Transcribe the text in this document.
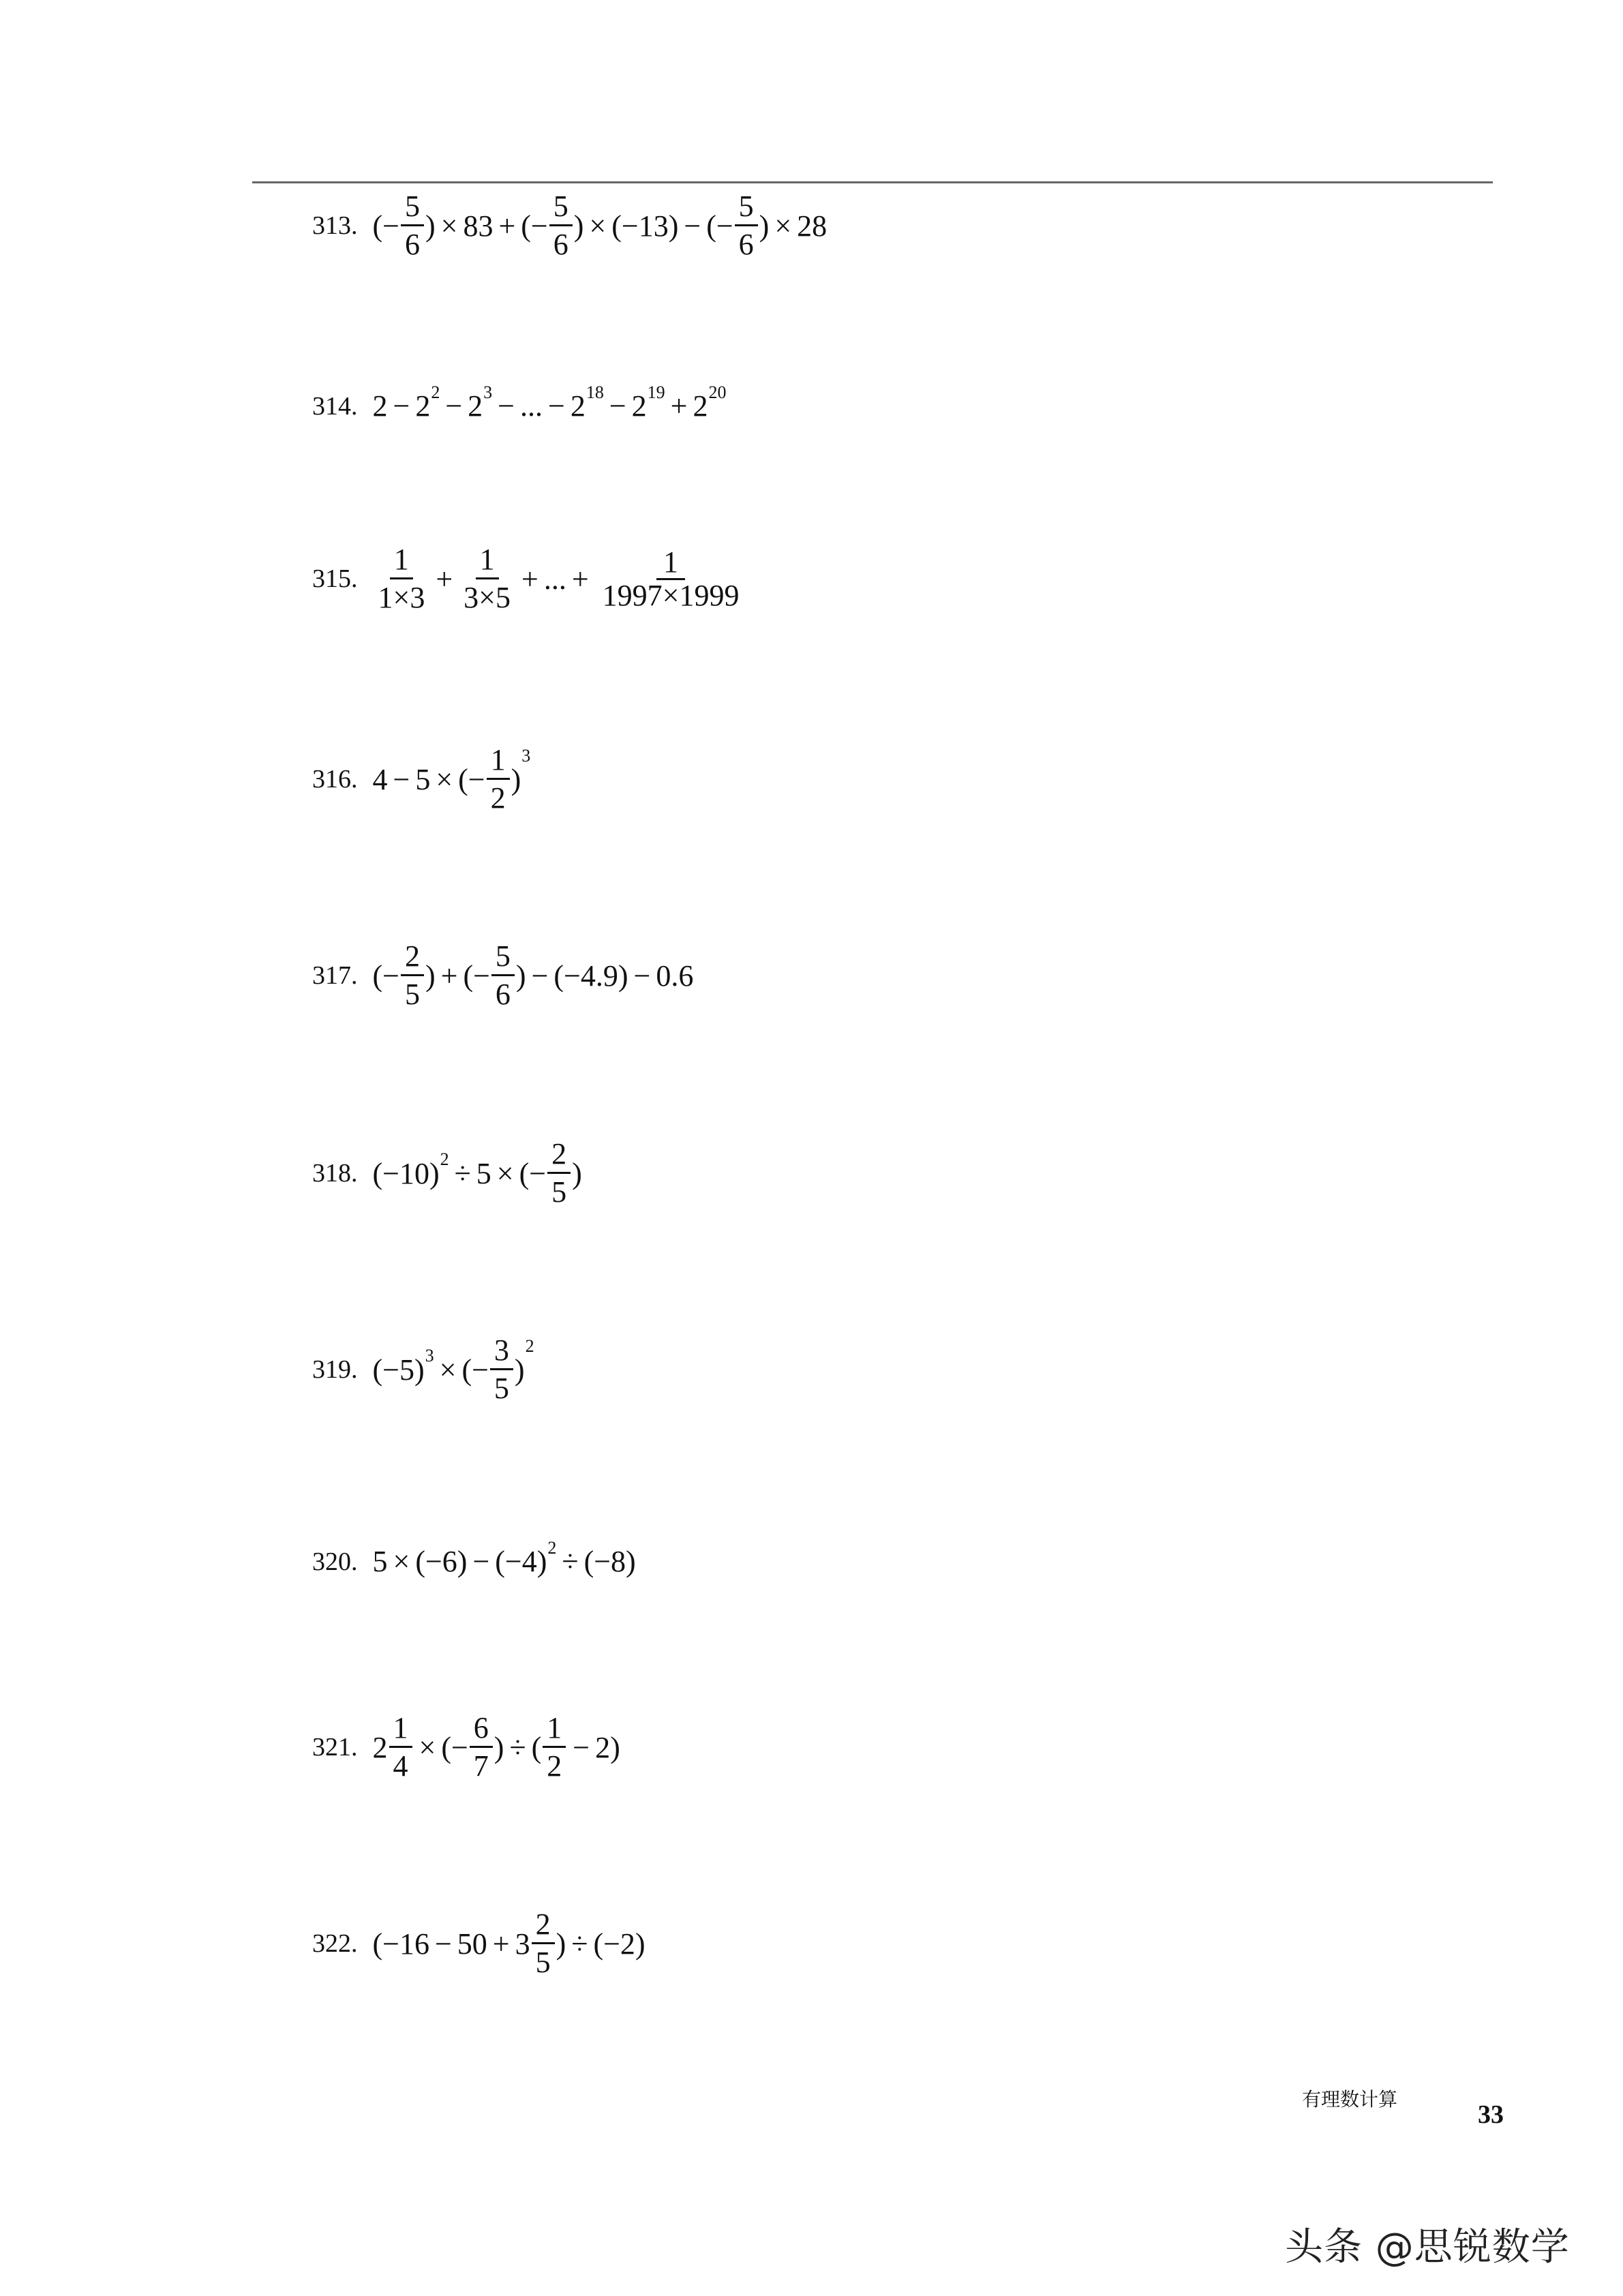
313. (− $\frac{5}{6}$ ) × 83 + (− $\frac{5}{6}$ ) × (−13) − (− $\frac{5}{6}$ ) × 28
314. $2 - 2^2 - 2^3$ − ... − $2^{18} - 2^{19} + 2^{20}$
315. $\frac{1}{1\times 3} + \frac{1}{3\times 5}$ + ... + $\frac{1}{1997\times 1999}$
316. 4 − 5 × (− $\frac{1}{2}$ )
$^3$
317. (− $\frac{2}{5}$ ) + (− $\frac{5}{6}$ ) − (−4.9) − 0.6
318. $(-10)^2 \div 5$ × (− $\frac{2}{5}$ )
319. $(-5)^3$ × (− $\frac{3}{5}$ )
$^2$
320. $5 \times (-6) - (-4)^2 \div (-8)$
321. $2 \frac{1}{4}$ × (− $\frac{6}{7}$ ) ÷ ( $\frac{1}{2} - 2$)
322. ($-16 - 50 + 3 \frac{2}{5}$ ) ÷ (−2)
有理数计算
33
头条 @思锐数学
